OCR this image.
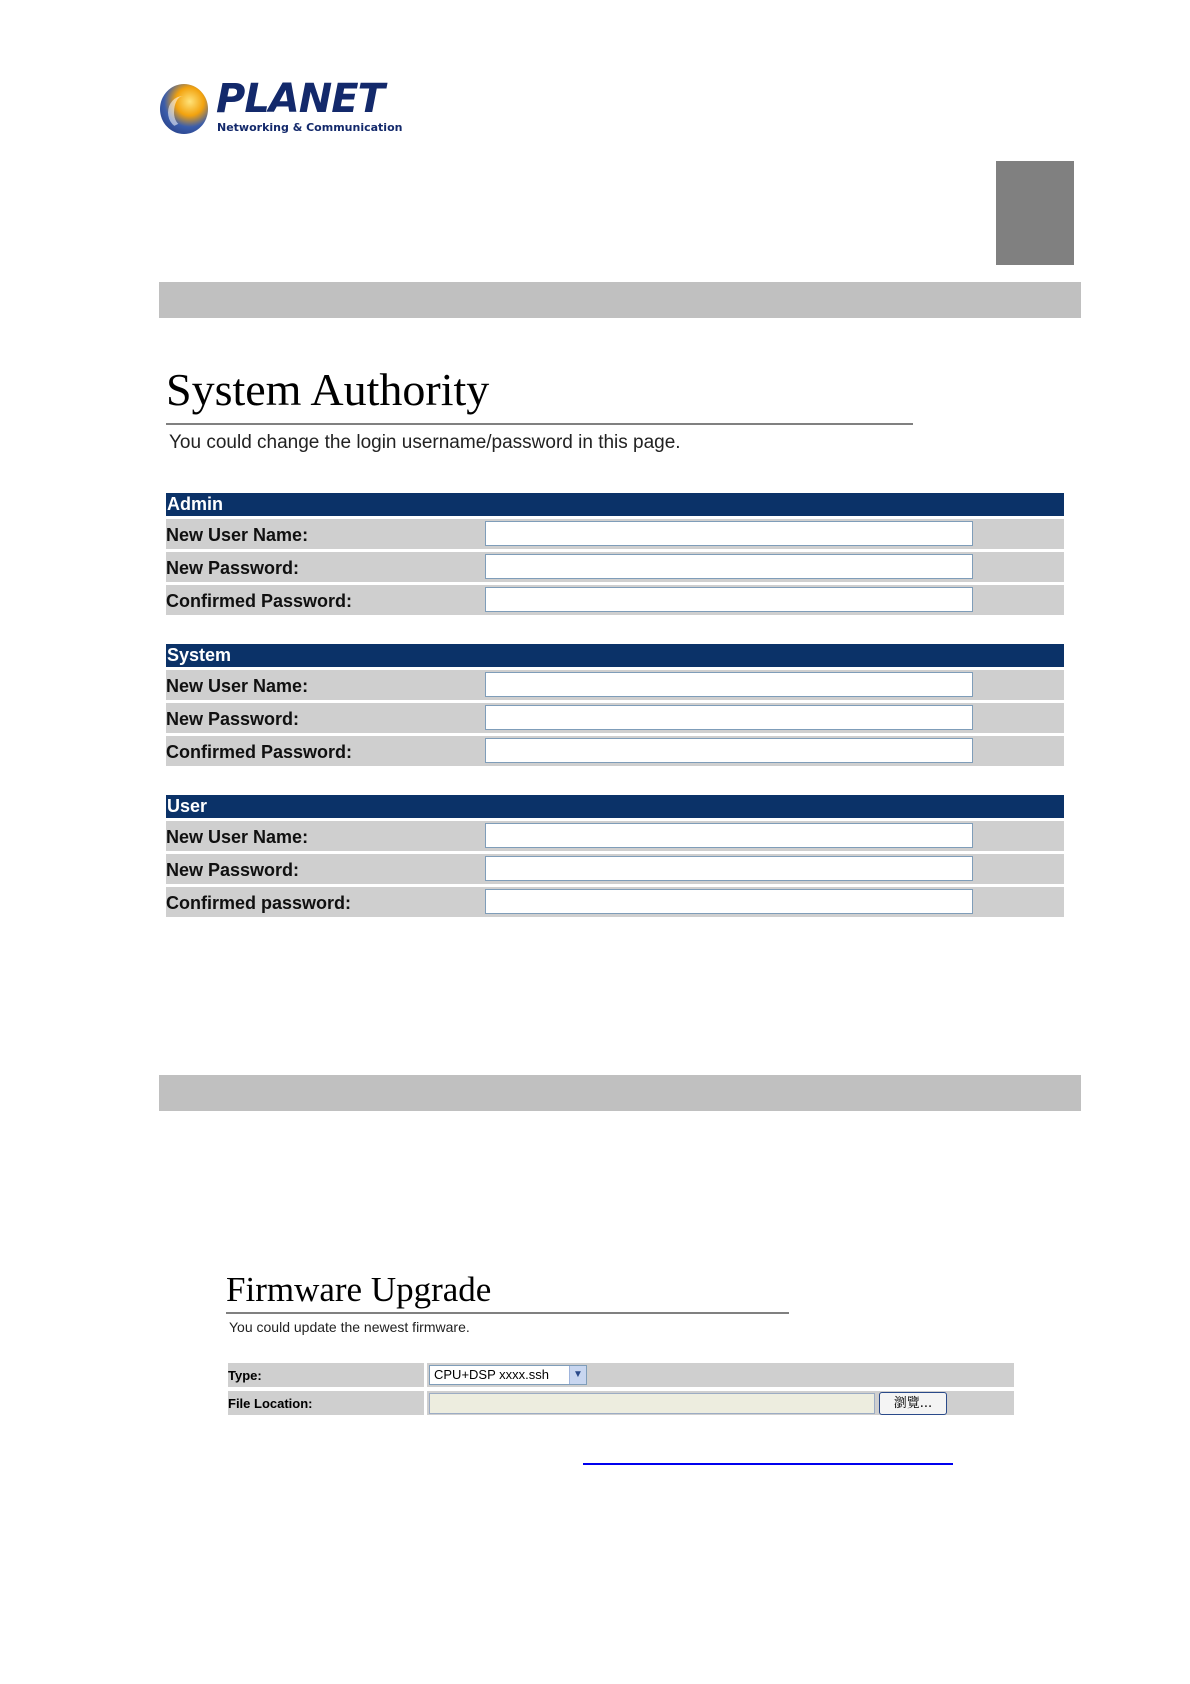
PLANET
Networking & Communication
System Authority
You could change the login username/password in this page.
Admin
New User Name:
New Password:
Confirmed Password:
System
New User Name:
New Password:
Confirmed Password:
User
New User Name:
New Password:
Confirmed password:
Firmware Upgrade
You could update the newest firmware.
Type:	CPU+DSP xxxx.ssh	▼
File Location:	瀏覽...
